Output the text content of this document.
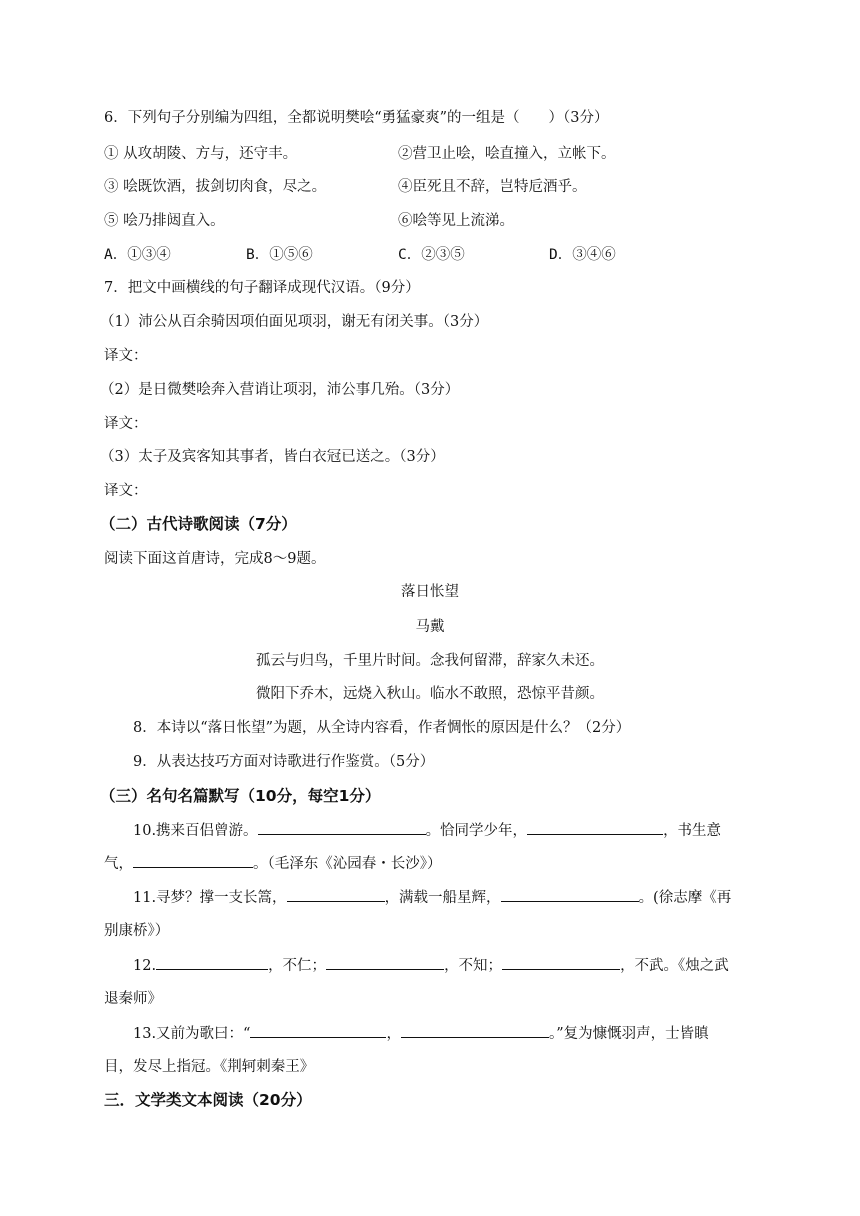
6．下列句子分别编为四组，全都说明樊哙“勇猛豪爽”的一组是（　　）（3分）
① 从攻胡陵、方与，还守丰。	②营卫止哙，哙直撞入，立帐下。
③ 哙既饮酒，拔剑切肉食，尽之。	④臣死且不辞，岂特卮酒乎。
⑤ 哙乃排闼直入。	⑥哙等见上流涕。
A．①③④	B．①⑤⑥	C．②③⑤	D．③④⑥
7．把文中画横线的句子翻译成现代汉语。（9分）
（1）沛公从百余骑因项伯面见项羽，谢无有闭关事。（3分）
译文：
（2）是日微樊哙奔入营诮让项羽，沛公事几殆。（3分）
译文：
（3）太子及宾客知其事者，皆白衣冠已送之。（3分）
译文：
（二）古代诗歌阅读（7分）
阅读下面这首唐诗，完成8～9题。
落日怅望
马戴
孤云与归鸟，千里片时间。念我何留滞，辞家久未还。
微阳下乔木，远烧入秋山。临水不敢照，恐惊平昔颜。
8．本诗以“落日怅望”为题，从全诗内容看，作者惆怅的原因是什么？（2分）
9．从表达技巧方面对诗歌进行作鉴赏。（5分）
（三）名句名篇默写（10分，每空1分）
10.携来百侣曾游。	。恰同学少年，	，书生意
气，	。（毛泽东《沁园春・长沙》）
11.寻梦？撑一支长篙，	，满载一船星辉，	。(徐志摩《再
别康桥》）
12.	，不仁；	，不知；	，不武。《烛之武
退秦师》
13.又前为歌曰：“	，	。”复为慷慨羽声，士皆瞋
目，发尽上指冠。《荆轲刺秦王》
三．文学类文本阅读（20分）
